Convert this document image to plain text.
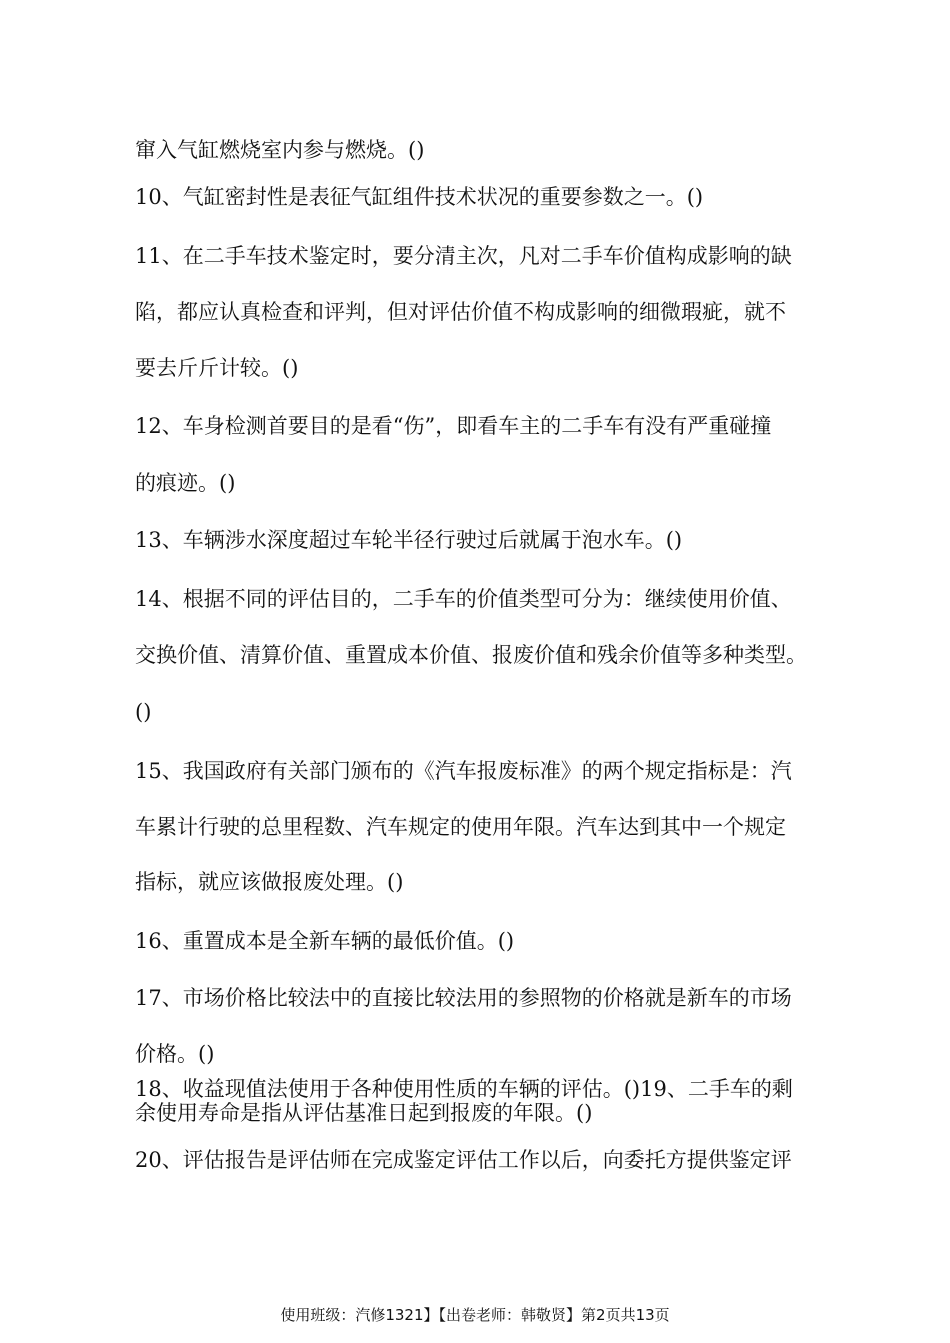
窜入气缸燃烧室内参与燃烧。()
10、气缸密封性是表征气缸组件技术状况的重要参数之一。()
11、在二手车技术鉴定时，要分清主次，凡对二手车价值构成影响的缺
陷，都应认真检查和评判，但对评估价值不构成影响的细微瑕疵，就不
要去斤斤计较。()
12、车身检测首要目的是看“伤”，即看车主的二手车有没有严重碰撞
的痕迹。()
13、车辆涉水深度超过车轮半径行驶过后就属于泡水车。()
14、根据不同的评估目的，二手车的价值类型可分为：继续使用价值、
交换价值、清算价值、重置成本价值、报废价值和残余价值等多种类型。
()
15、我国政府有关部门颁布的《汽车报废标准》的两个规定指标是：汽
车累计行驶的总里程数、汽车规定的使用年限。汽车达到其中一个规定
指标，就应该做报废处理。()
16、重置成本是全新车辆的最低价值。()
17、市场价格比较法中的直接比较法用的参照物的价格就是新车的市场
价格。()
18、收益现值法使用于各种使用性质的车辆的评估。()19、二手车的剩
余使用寿命是指从评估基准日起到报废的年限。()
20、评估报告是评估师在完成鉴定评估工作以后，向委托方提供鉴定评
使用班级：汽修1321】【出卷老师：韩敬贤】第2页共13页
